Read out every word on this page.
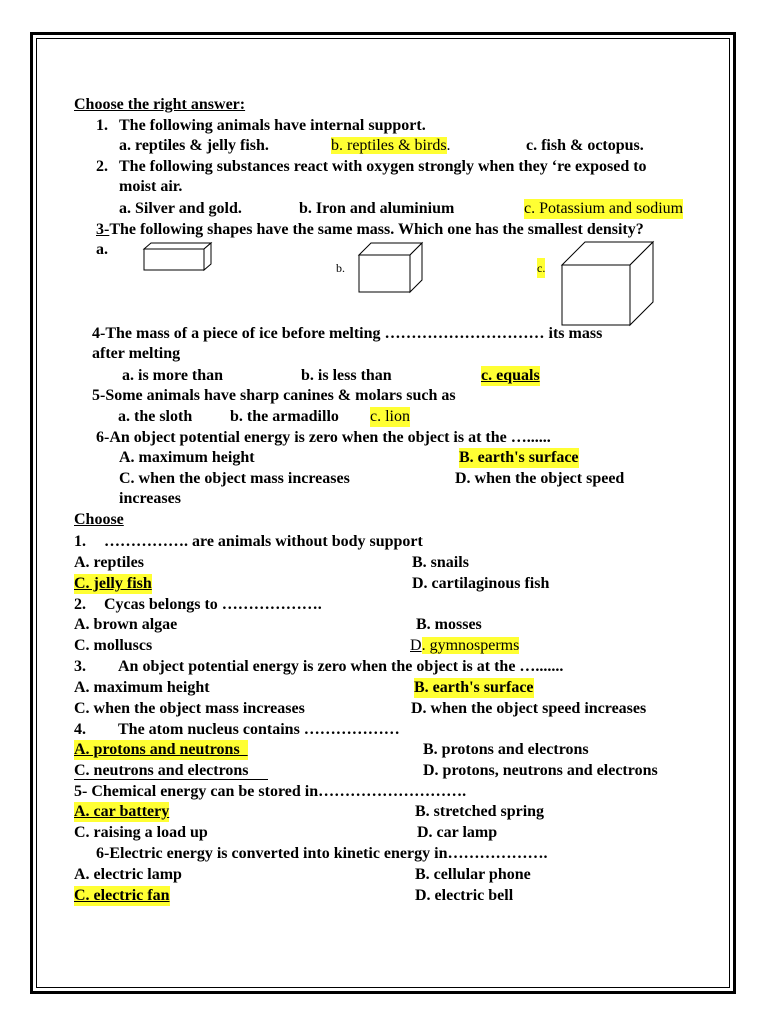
Choose the right answer:
1. The following animals have internal support.
a. reptiles & jelly fish.	b. reptiles & birds.	c. fish & octopus.
2. The following substances react with oxygen strongly when they ‘re exposed to
moist air.
a. Silver and gold.	b. Iron and aluminium	c. Potassium and sodium
3-The following shapes have the same mass. Which one has the smallest density?
a.
b.	c.
4-The mass of a piece of ice before melting ………………………… its mass
after melting
a. is more than	b. is less than	c. equals
5-Some animals have sharp canines & molars such as
a. the sloth b. the armadillo c. lion
6-An object potential energy is zero when the object is at the …......
A. maximum height	B. earth's surface
C. when the object mass increases	D. when the object speed
increases
Choose
1. ……………. are animals without body support
A. reptiles	B. snails
C. jelly fish	D. cartilaginous fish
2. Cycas belongs to ……………….
A. brown algae	B. mosses
C. molluscs	D. gymnosperms
3. An object potential energy is zero when the object is at the ….......
A. maximum height	B. earth's surface
C. when the object mass increases	D. when the object speed increases
4. The atom nucleus contains ………………
A. protons and neutrons	B. protons and electrons
C. neutrons and electrons	D. protons, neutrons and electrons
5- Chemical energy can be stored in……………………….
A. car battery	B. stretched spring
C. raising a load up	D. car lamp
6-Electric energy is converted into kinetic energy in……………….
A. electric lamp	B. cellular phone
C. electric fan	D. electric bell
